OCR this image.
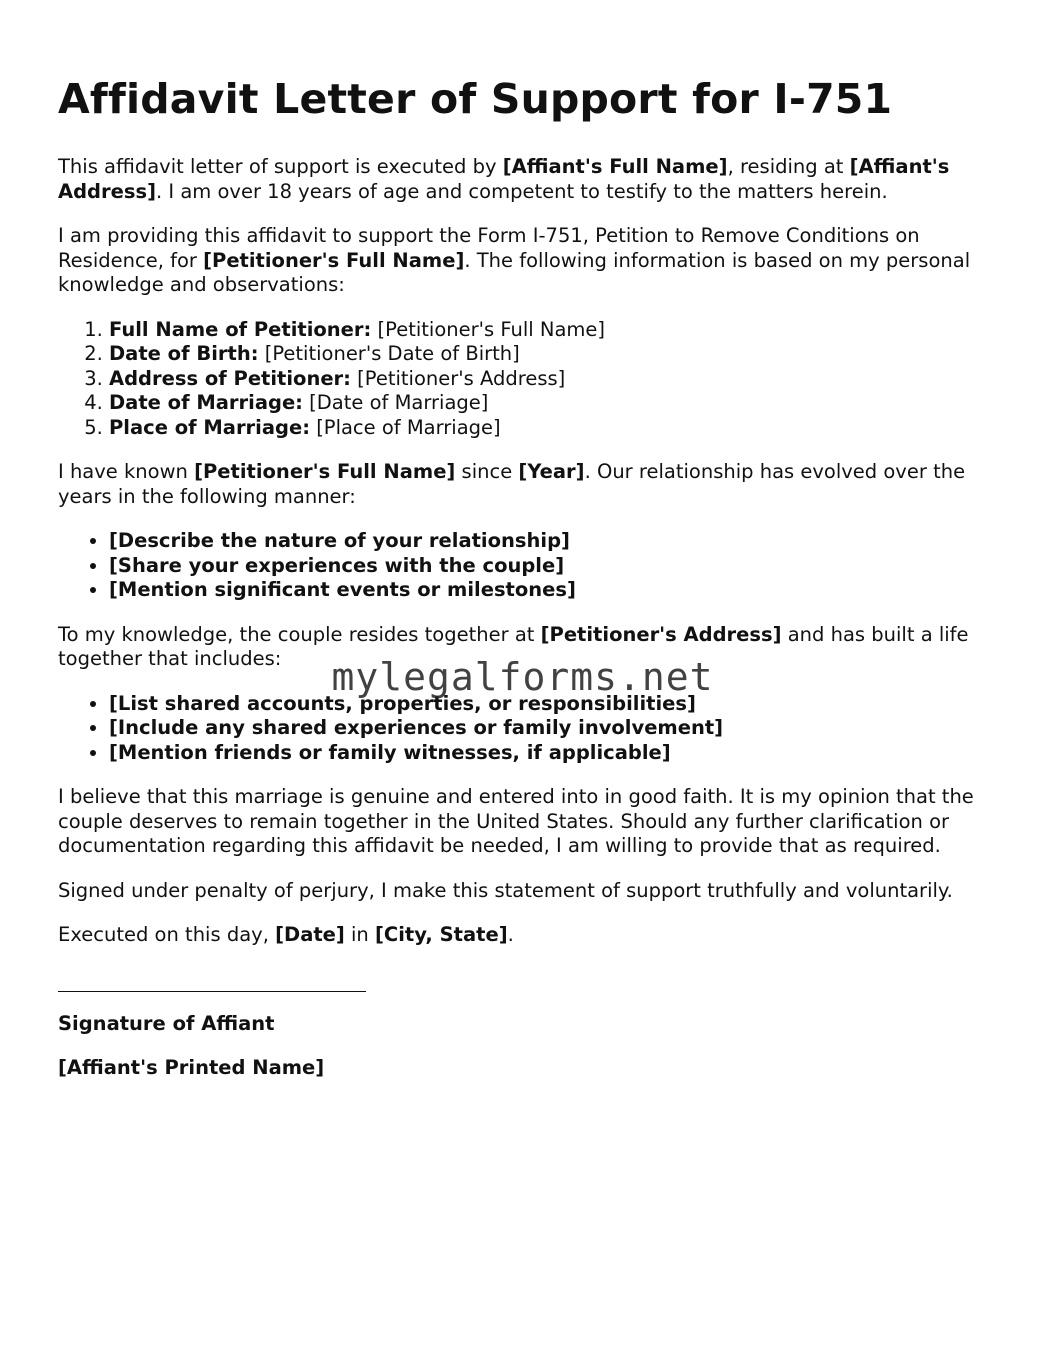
Affidavit Letter of Support for I-751

This affidavit letter of support is executed by [Affiant's Full Name], residing at [Affiant's Address]. I am over 18 years of age and competent to testify to the matters herein.

I am providing this affidavit to support the Form I-751, Petition to Remove Conditions on Residence, for [Petitioner's Full Name]. The following information is based on my personal knowledge and observations:

1. Full Name of Petitioner: [Petitioner's Full Name]
2. Date of Birth: [Petitioner's Date of Birth]
3. Address of Petitioner: [Petitioner's Address]
4. Date of Marriage: [Date of Marriage]
5. Place of Marriage: [Place of Marriage]

I have known [Petitioner's Full Name] since [Year]. Our relationship has evolved over the years in the following manner:

• [Describe the nature of your relationship]
• [Share your experiences with the couple]
• [Mention significant events or milestones]

To my knowledge, the couple resides together at [Petitioner's Address] and has built a life together that includes:

• [List shared accounts, properties, or responsibilities]
• [Include any shared experiences or family involvement]
• [Mention friends or family witnesses, if applicable]

I believe that this marriage is genuine and entered into in good faith. It is my opinion that the couple deserves to remain together in the United States. Should any further clarification or documentation regarding this affidavit be needed, I am willing to provide that as required.

Signed under penalty of perjury, I make this statement of support truthfully and voluntarily.

Executed on this day, [Date] in [City, State].

Signature of Affiant

[Affiant's Printed Name]

mylegalforms.net
